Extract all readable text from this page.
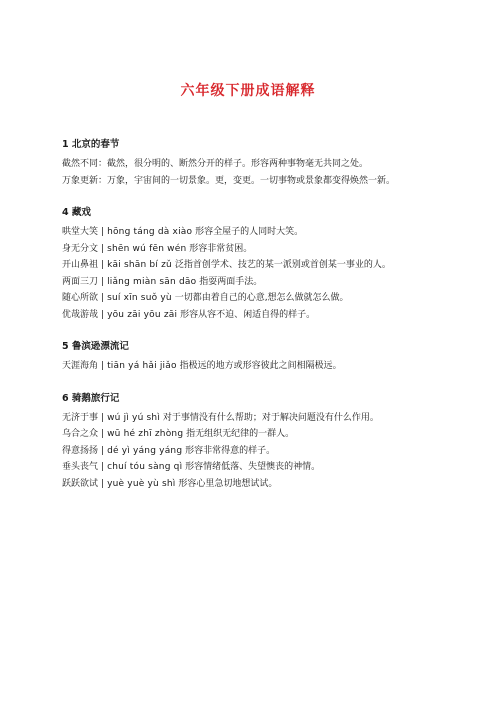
六年级下册成语解释
1 北京的春节
截然不同：截然，很分明的、断然分开的样子。形容两种事物毫无共同之处。
万象更新：万象，宇宙间的一切景象。更，变更。一切事物或景象都变得焕然一新。
4 藏戏
哄堂大笑 | hōng táng dà xiào 形容全屋子的人同时大笑。
身无分文 | shēn wú fēn wén 形容非常贫困。
开山鼻祖 | kāi shān bí zǔ 泛指首创学术、技艺的某一派别或首创某一事业的人。
两面三刀 | liǎng miàn sān dāo 指耍两面手法。
随心所欲 | suí xīn suǒ yù 一切都由着自己的心意,想怎么做就怎么做。
优哉游哉 | yōu zāi yōu zāi 形容从容不迫、闲适自得的样子。
5 鲁滨逊漂流记
天涯海角 | tiān yá hǎi jiǎo 指极远的地方或形容彼此之间相隔极远。
6 骑鹅旅行记
无济于事 | wú jì yú shì 对于事情没有什么帮助；对于解决问题没有什么作用。
乌合之众 | wū hé zhī zhòng 指无组织无纪律的一群人。
得意扬扬 | dé yì yáng yáng 形容非常得意的样子。
垂头丧气 | chuí tóu sàng qì 形容情绪低落、失望懊丧的神情。
跃跃欲试 | yuè yuè yù shì 形容心里急切地想试试。
